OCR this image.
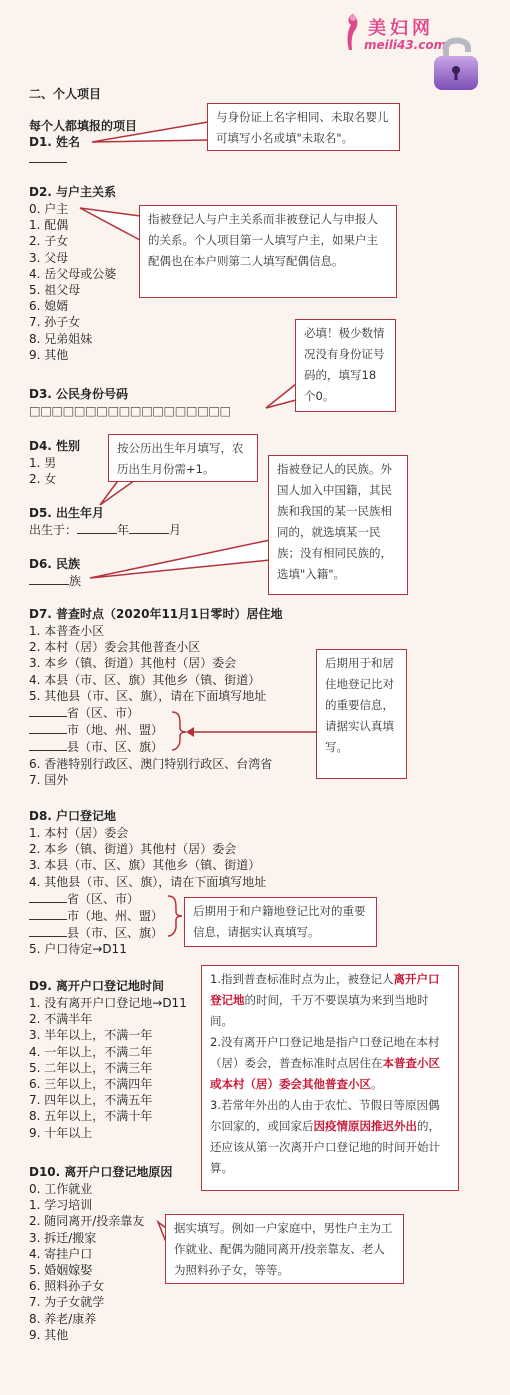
美妇网
meili43.com
二、个人项目
每个人都填报的项目
D1. 姓名
D2. 与户主关系
0. 户主
1. 配偶
2. 子女
3. 父母
4. 岳父母或公婆
5. 祖父母
6. 媳婿
7. 孙子女
8. 兄弟姐妹
9. 其他
D3. 公民身份号码
□□□□□□□□□□□□□□□□□□
D4. 性别
1. 男
2. 女
D5. 出生年月
出生于：	年	月
D6. 民族
族
D7. 普查时点（2020年11月1日零时）居住地
1. 本普查小区
2. 本村（居）委会其他普查小区
3. 本乡（镇、街道）其他村（居）委会
4. 本县（市、区、旗）其他乡（镇、街道）
5. 其他县（市、区、旗），请在下面填写地址
省（区、市）
市（地、州、盟）
县（市、区、旗）
6. 香港特别行政区、澳门特别行政区、台湾省
7. 国外
D8. 户口登记地
1. 本村（居）委会
2. 本乡（镇、街道）其他村（居）委会
3. 本县（市、区、旗）其他乡（镇、街道）
4. 其他县（市、区、旗），请在下面填写地址
省（区、市）
市（地、州、盟）
县（市、区、旗）
5. 户口待定→D11
D9. 离开户口登记地时间
1. 没有离开户口登记地→D11
2. 不满半年
3. 半年以上，不满一年
4. 一年以上，不满二年
5. 二年以上，不满三年
6. 三年以上，不满四年
7. 四年以上，不满五年
8. 五年以上，不满十年
9. 十年以上
D10. 离开户口登记地原因
0. 工作就业
1. 学习培训
2. 随同离开/投亲靠友
3. 拆迁/搬家
4. 寄挂户口
5. 婚姻嫁娶
6. 照料孙子女
7. 为子女就学
8. 养老/康养
9. 其他
与身份证上名字相同、未取名婴儿可填写小名或填"未取名"。
指被登记人与户主关系而非被登记人与申报人的关系。个人项目第一人填写户主，如果户主配偶也在本户则第二人填写配偶信息。
必填！极少数情况没有身份证号码的，填写18个0。
按公历出生年月填写，农历出生月份需+1。	指被登记人的民族。外国人加入中国籍，其民族和我国的某一民族相同的，就选填某一民族；没有相同民族的，选填"入籍"。
后期用于和居住地登记比对的重要信息，请据实认真填写。
后期用于和户籍地登记比对的重要信息，请据实认真填写。
1.指到普查标准时点为止，被登记人离开户口登记地的时间，千万不要误填为来到当地时间。
2.没有离开户口登记地是指户口登记地在本村（居）委会，普查标准时点居住在本普查小区或本村（居）委会其他普查小区。
3.若常年外出的人由于农忙、节假日等原因偶尔回家的，或回家后因疫情原因推迟外出的，还应该从第一次离开户口登记地的时间开始计算。
据实填写。例如一户家庭中，男性户主为工作就业、配偶为随同离开/投亲靠友、老人为照料孙子女，等等。
